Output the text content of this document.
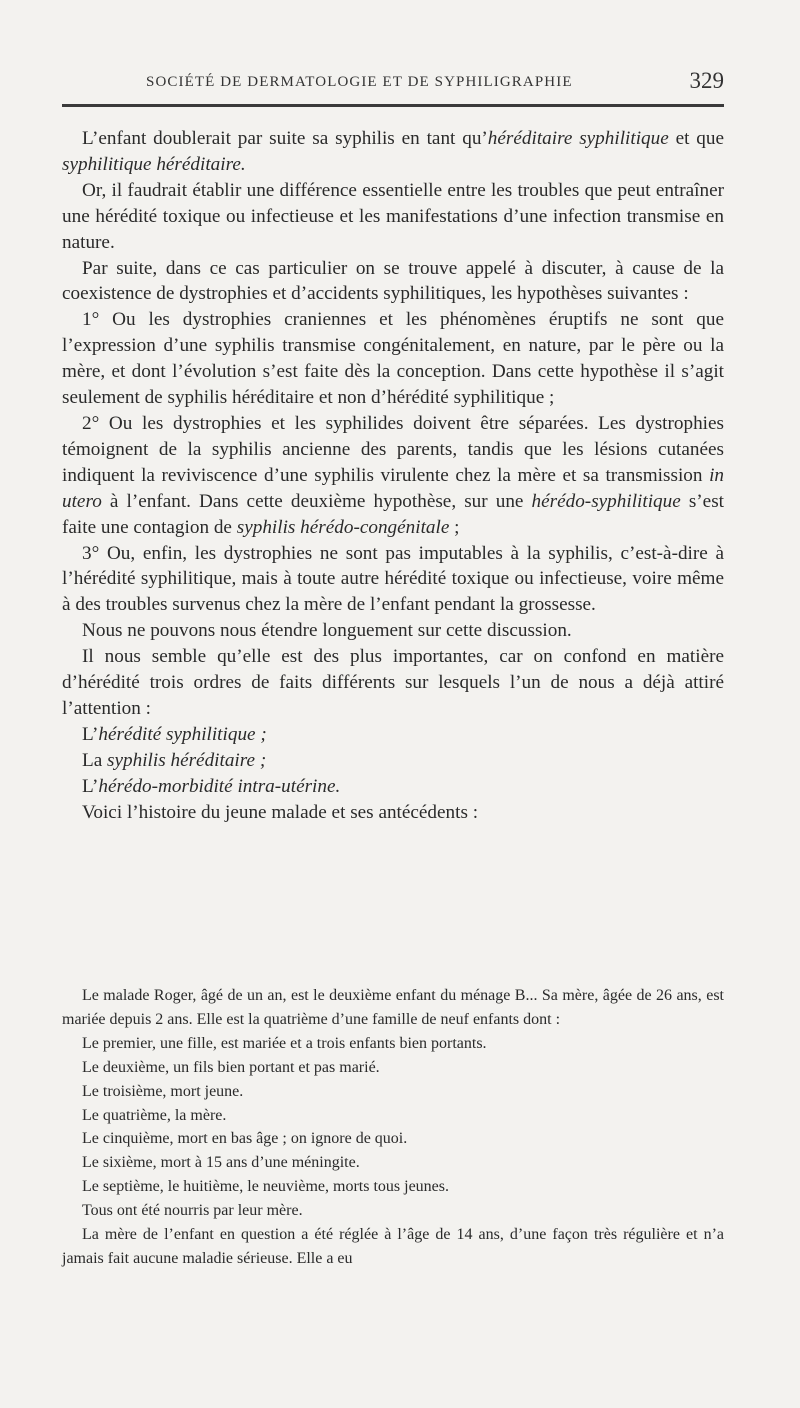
SOCIÉTÉ DE DERMATOLOGIE ET DE SYPHILIGRAPHIE	329

L’enfant doublerait par suite sa syphilis en tant qu’héréditaire syphilitique et que syphilitique héréditaire.

Or, il faudrait établir une différence essentielle entre les troubles que peut entraîner une hérédité toxique ou infectieuse et les manifestations d’une infection transmise en nature.

Par suite, dans ce cas particulier on se trouve appelé à discuter, à cause de la coexistence de dystrophies et d’accidents syphilitiques, les hypothèses suivantes :

1° Ou les dystrophies craniennes et les phénomènes éruptifs ne sont que l’expression d’une syphilis transmise congénitalement, en nature, par le père ou la mère, et dont l’évolution s’est faite dès la conception. Dans cette hypothèse il s’agit seulement de syphilis héréditaire et non d’hérédité syphilitique ;

2° Ou les dystrophies et les syphilides doivent être séparées. Les dystrophies témoignent de la syphilis ancienne des parents, tandis que les lésions cutanées indiquent la reviviscence d’une syphilis virulente chez la mère et sa transmission in utero à l’enfant. Dans cette deuxième hypothèse, sur une hérédo-syphilitique s’est faite une contagion de syphilis hérédo-congénitale ;

3° Ou, enfin, les dystrophies ne sont pas imputables à la syphilis, c’est-à-dire à l’hérédité syphilitique, mais à toute autre hérédité toxique ou infectieuse, voire même à des troubles survenus chez la mère de l’enfant pendant la grossesse.

Nous ne pouvons nous étendre longuement sur cette discussion.

Il nous semble qu’elle est des plus importantes, car on confond en matière d’hérédité trois ordres de faits différents sur lesquels l’un de nous a déjà attiré l’attention :

L’hérédité syphilitique ;

La syphilis héréditaire ;

L’hérédo-morbidité intra-utérine.

Voici l’histoire du jeune malade et ses antécédents :

Le malade Roger, âgé de un an, est le deuxième enfant du ménage B... Sa mère, âgée de 26 ans, est mariée depuis 2 ans. Elle est la quatrième d’une famille de neuf enfants dont :

Le premier, une fille, est mariée et a trois enfants bien portants.

Le deuxième, un fils bien portant et pas marié.

Le troisième, mort jeune.

Le quatrième, la mère.

Le cinquième, mort en bas âge ; on ignore de quoi.

Le sixième, mort à 15 ans d’une méningite.

Le septième, le huitième, le neuvième, morts tous jeunes.

Tous ont été nourris par leur mère.

La mère de l’enfant en question a été réglée à l’âge de 14 ans, d’une façon très régulière et n’a jamais fait aucune maladie sérieuse. Elle a eu
